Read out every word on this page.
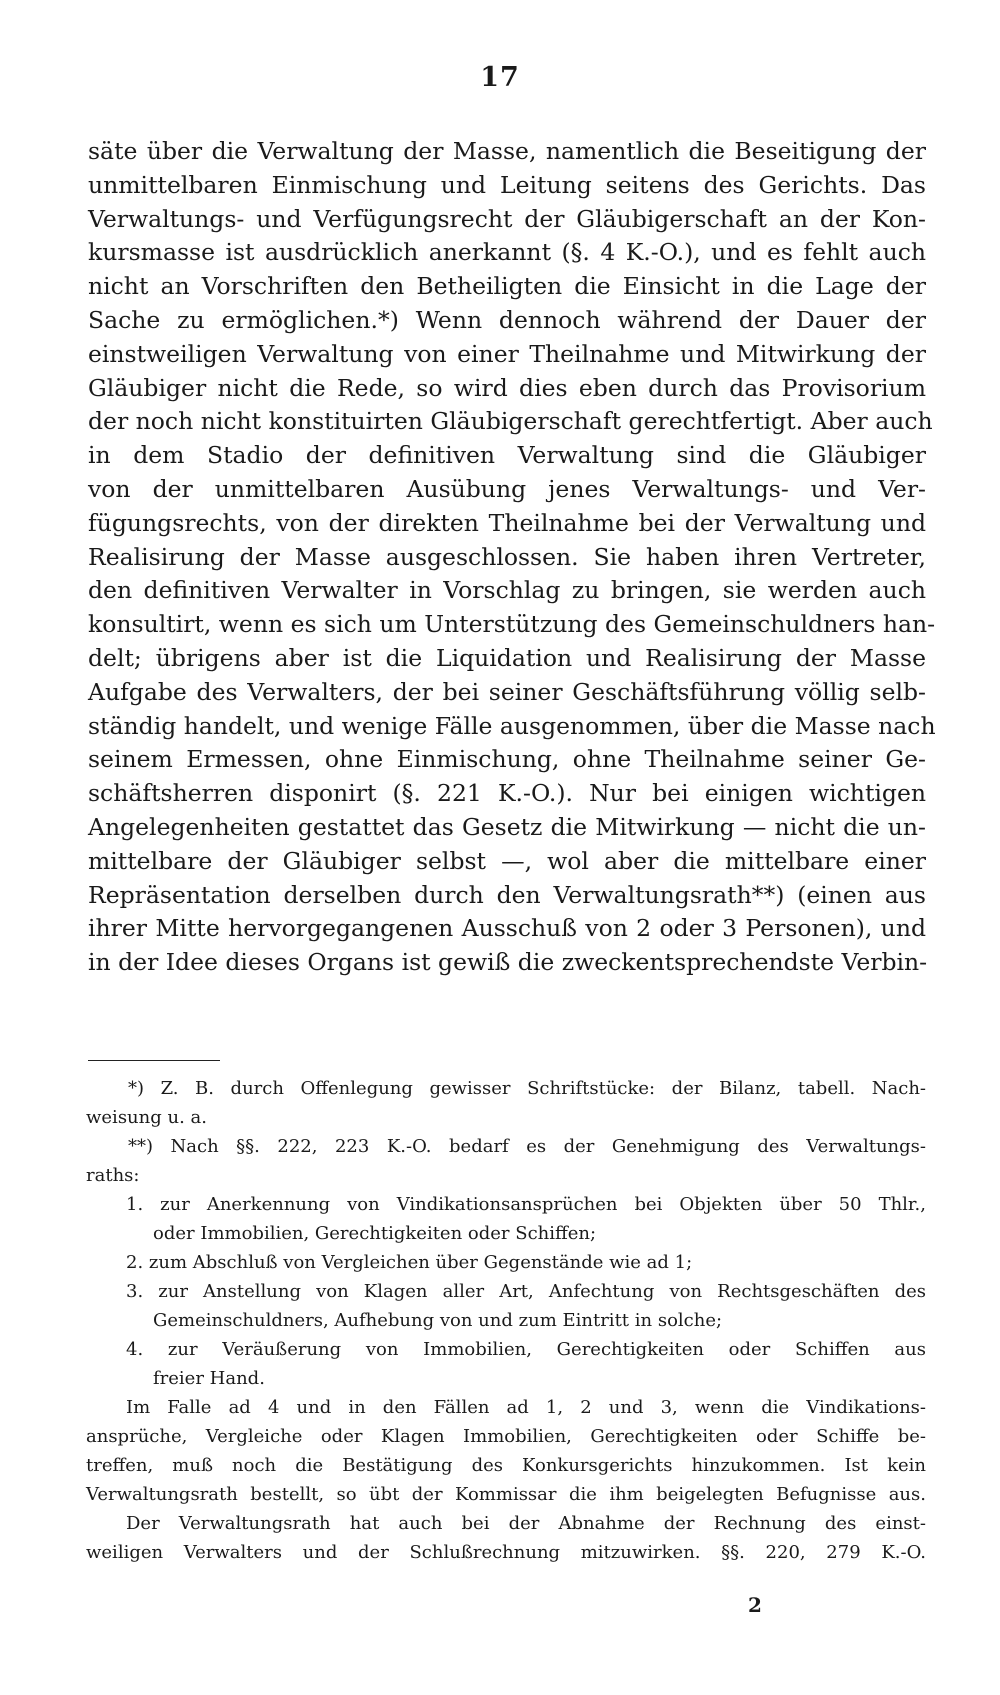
17
säte über die Verwaltung der Masse, namentlich die Beseitigung der
unmittelbaren Einmischung und Leitung seitens des Gerichts. Das
Verwaltungs- und Verfügungsrecht der Gläubigerschaft an der Kon-
kursmasse ist ausdrücklich anerkannt (§. 4 K.-O.), und es fehlt auch
nicht an Vorschriften den Betheiligten die Einsicht in die Lage der
Sache zu ermöglichen.*) Wenn dennoch während der Dauer der
einstweiligen Verwaltung von einer Theilnahme und Mitwirkung der
Gläubiger nicht die Rede, so wird dies eben durch das Provisorium
der noch nicht konstituirten Gläubigerschaft gerechtfertigt. Aber auch
in dem Stadio der definitiven Verwaltung sind die Gläubiger
von der unmittelbaren Ausübung jenes Verwaltungs- und Ver-
fügungsrechts, von der direkten Theilnahme bei der Verwaltung und
Realisirung der Masse ausgeschlossen. Sie haben ihren Vertreter,
den definitiven Verwalter in Vorschlag zu bringen, sie werden auch
konsultirt, wenn es sich um Unterstützung des Gemeinschuldners han-
delt; übrigens aber ist die Liquidation und Realisirung der Masse
Aufgabe des Verwalters, der bei seiner Geschäftsführung völlig selb-
ständig handelt, und wenige Fälle ausgenommen, über die Masse nach
seinem Ermessen, ohne Einmischung, ohne Theilnahme seiner Ge-
schäftsherren disponirt (§. 221 K.-O.). Nur bei einigen wichtigen
Angelegenheiten gestattet das Gesetz die Mitwirkung — nicht die un-
mittelbare der Gläubiger selbst —, wol aber die mittelbare einer
Repräsentation derselben durch den Verwaltungsrath**) (einen aus
ihrer Mitte hervorgegangenen Ausschuß von 2 oder 3 Personen), und
in der Idee dieses Organs ist gewiß die zweckentsprechendste Verbin-
*) Z. B. durch Offenlegung gewisser Schriftstücke: der Bilanz, tabell. Nach-
weisung u. a.
**) Nach §§. 222, 223 K.-O. bedarf es der Genehmigung des Verwaltungs-
raths:
1. zur Anerkennung von Vindikationsansprüchen bei Objekten über 50 Thlr.,
oder Immobilien, Gerechtigkeiten oder Schiffen;
2. zum Abschluß von Vergleichen über Gegenstände wie ad 1;
3. zur Anstellung von Klagen aller Art, Anfechtung von Rechtsgeschäften des
Gemeinschuldners, Aufhebung von und zum Eintritt in solche;
4. zur Veräußerung von Immobilien, Gerechtigkeiten oder Schiffen aus
freier Hand.
Im Falle ad 4 und in den Fällen ad 1, 2 und 3, wenn die Vindikations-
ansprüche, Vergleiche oder Klagen Immobilien, Gerechtigkeiten oder Schiffe be-
treffen, muß noch die Bestätigung des Konkursgerichts hinzukommen. Ist kein
Verwaltungsrath bestellt, so übt der Kommissar die ihm beigelegten Befugnisse aus.
Der Verwaltungsrath hat auch bei der Abnahme der Rechnung des einst-
weiligen Verwalters und der Schlußrechnung mitzuwirken. §§. 220, 279 K.-O.
2
